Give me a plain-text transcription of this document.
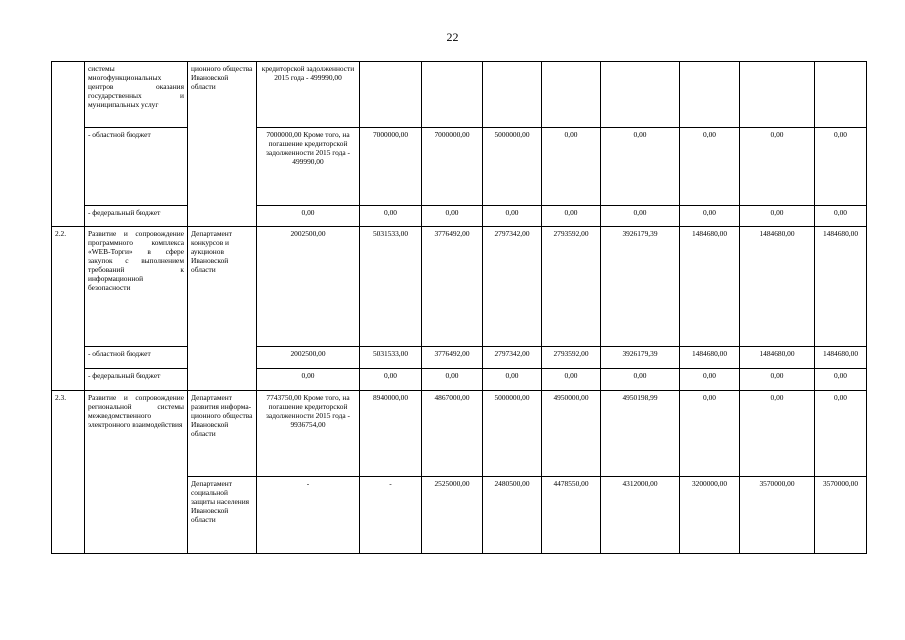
22
	системы многофункциональных центров оказания государственных и муниципальных услуг	ционного общества Ивановской области	кредиторской задолженности 2015 года - 499990,00								
	- областной бюджет		7000000,00 Кроме того, на погашение кредиторской задолженности 2015 года - 499990,00	7000000,00	7000000,00	5000000,00	0,00	0,00	0,00	0,00	0,00
	- федеральный бюджет		0,00	0,00	0,00	0,00	0,00	0,00	0,00	0,00	0,00
2.2.	Развитие и сопровождение программного комплекса «WEB-Торги» в сфере закупок с выполнением требований к информационной безопасности	Департамент конкурсов и аукционов Ивановской области	2002500,00	5031533,00	3776492,00	2797342,00	2793592,00	3926179,39	1484680,00	1484680,00	1484680,00
	- областной бюджет		2002500,00	5031533,00	3776492,00	2797342,00	2793592,00	3926179,39	1484680,00	1484680,00	1484680,00
	- федеральный бюджет		0,00	0,00	0,00	0,00	0,00	0,00	0,00	0,00	0,00
2.3.	Развитие и сопровождение региональной системы межведомственного электронного взаимодействия	Департамент развития информа-ционного общества Ивановской области	7743750,00 Кроме того, на погашение кредиторской задолженности 2015 года - 9936754,00	8940000,00	4867000,00	5000000,00	4950000,00	4950198,99	0,00	0,00	0,00
		Департамент социальной защиты населения Ивановской области	-	-	2525000,00	2480500,00	4478550,00	4312000,00	3200000,00	3570000,00	3570000,00
